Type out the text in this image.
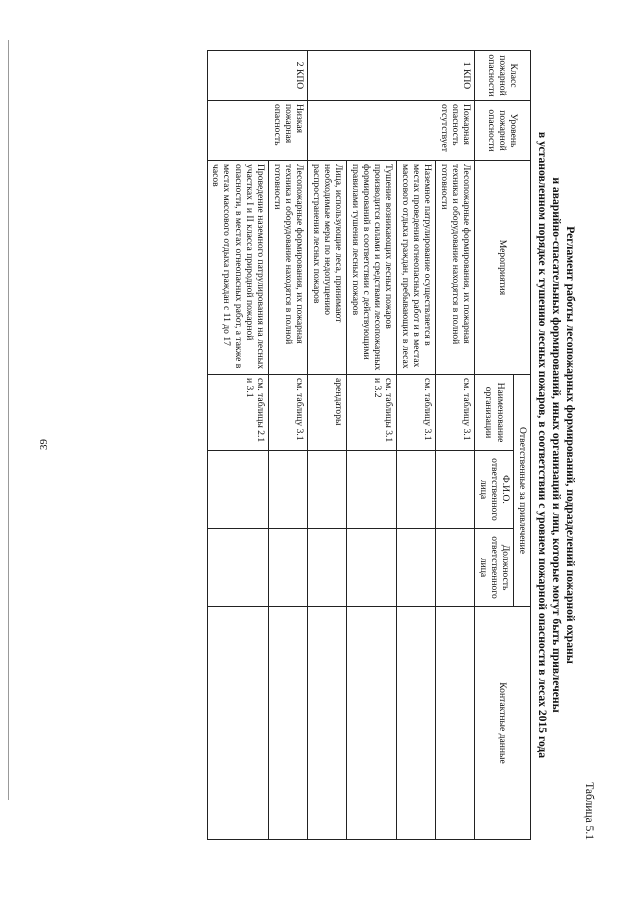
39
Таблица 5.1
Регламент работы лесопожарных формирований, подразделений пожарной охраны
и аварийно-спасательных формирований, иных организаций и лиц, которые могут быть привлечены
в установленном порядке к тушению лесных пожаров, в соответствии с уровнем пожарной опасности в лесах 2015 года
Класс пожарной опасности	Уровень пожарной опасности	Мероприятия	Ответственные за привлечение			Контактные данные
			Наименование организации	Ф.И.О. ответственного лица	Должность ответственного лица	
1 КПО	Пожарная опасность отсутствует	Лесопожарные формирования, их пожарная техника и оборудование находятся в полной готовности	см. таблицу 3.1			
		Наземное патрулирование осуществляется в местах проведения огнеопасных работ и в местах массового отдыха граждан, пребывающих в лесах	см. таблицу 3.1			
		Тушение возникающих лесных пожаров производится силами и средствами лесопожарных формирований в соответствии с действующими правилами тушения лесных пожаров	см. таблицы 3.1 и 3.2			
		Лица, использующие леса, принимают необходимые меры по недопущению распространения лесных пожаров	арендаторы			
2 КПО	Низкая пожарная опасность	Лесопожарные формирования, их пожарная техника и оборудование находятся в полной готовности	см. таблицу 3.1			
		Проведение наземного патрулирования на лесных участках I и II класса природной пожарной опасности, в местах огнеопасных работ, а также в местах массового отдыха граждан с 11 до 17 часов	см. таблицы 2.1 и 3.1			
